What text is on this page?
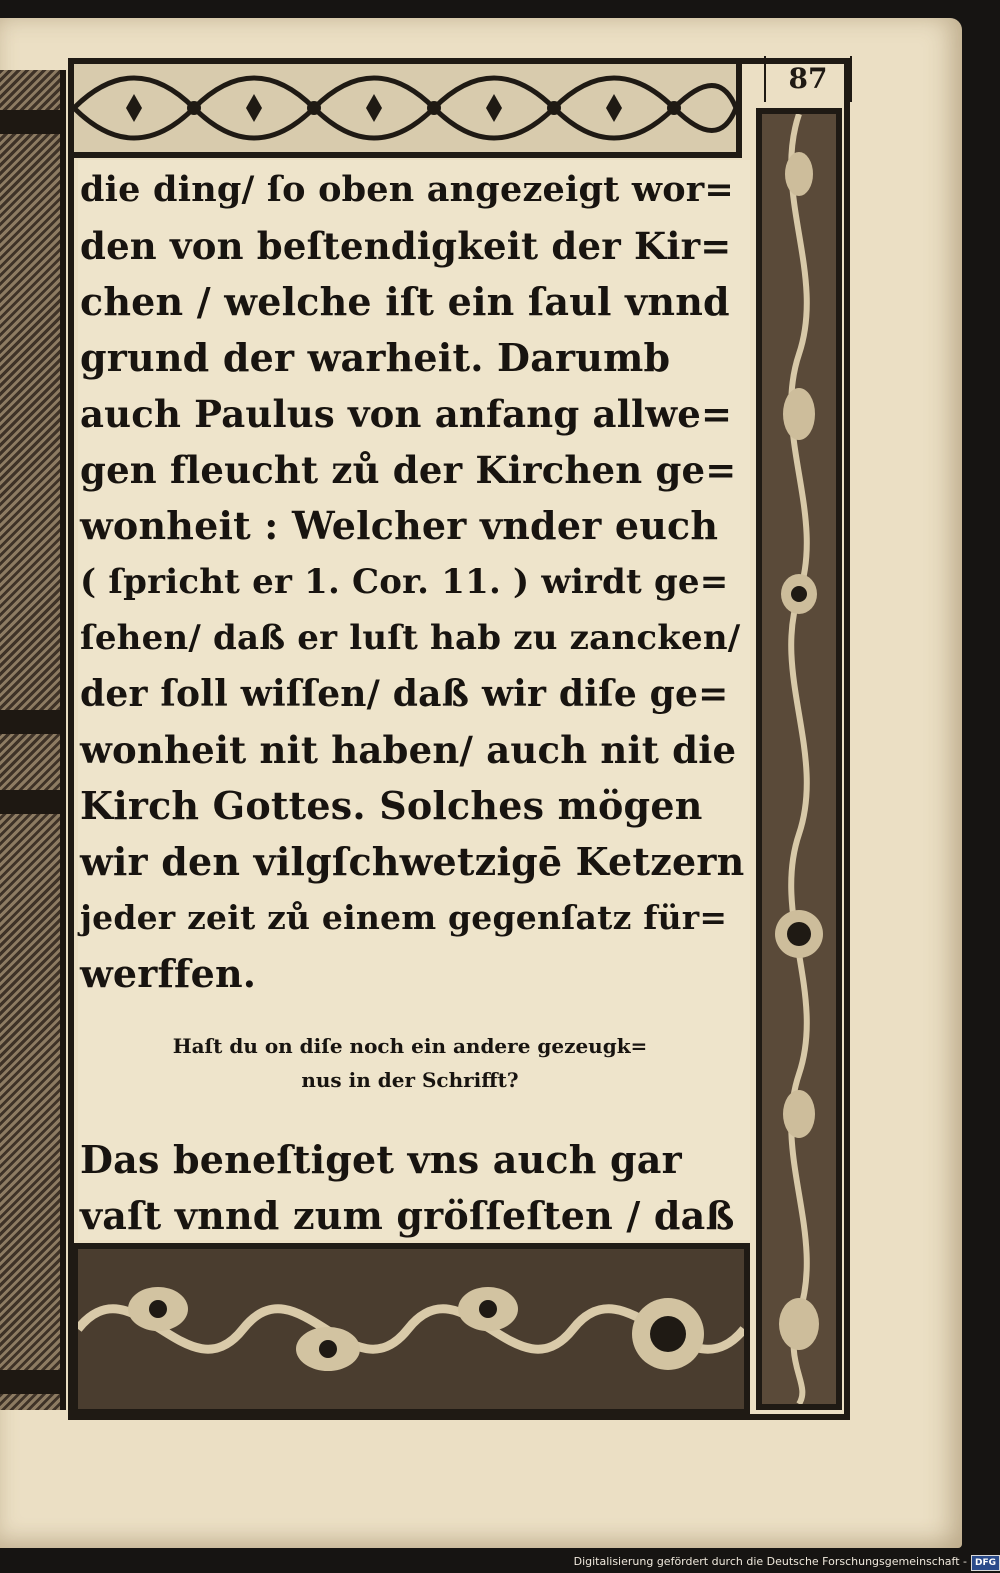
87
die ding/ ſo oben angezeigt wor=
den von beſtendigkeit der Kir=
chen / welche iſt ein ſaul vnnd
grund der warheit. Darumb
auch Paulus von anfang allwe=
gen fleucht zů der Kirchen ge=
wonheit : Welcher vnder euch
( ſpricht er 1. Cor. 11. ) wirdt ge=
ſehen/ daß er luſt hab zu zancken/
der ſoll wiſſen/ daß wir diſe ge=
wonheit nit haben/ auch nit die
Kirch Gottes. Solches mögen
wir den vilgſchwetzigē Ketzern
jeder zeit zů einem gegenſatz für=
werffen.
Haſt du on diſe noch ein andere gezeugk=
nus in der Schrifft?
Das beneſtiget vns auch gar
vaſt vnnd zum gröſſeſten / daß
Digitalisierung gefördert durch die Deutsche Forschungsgemeinschaft - DFG
